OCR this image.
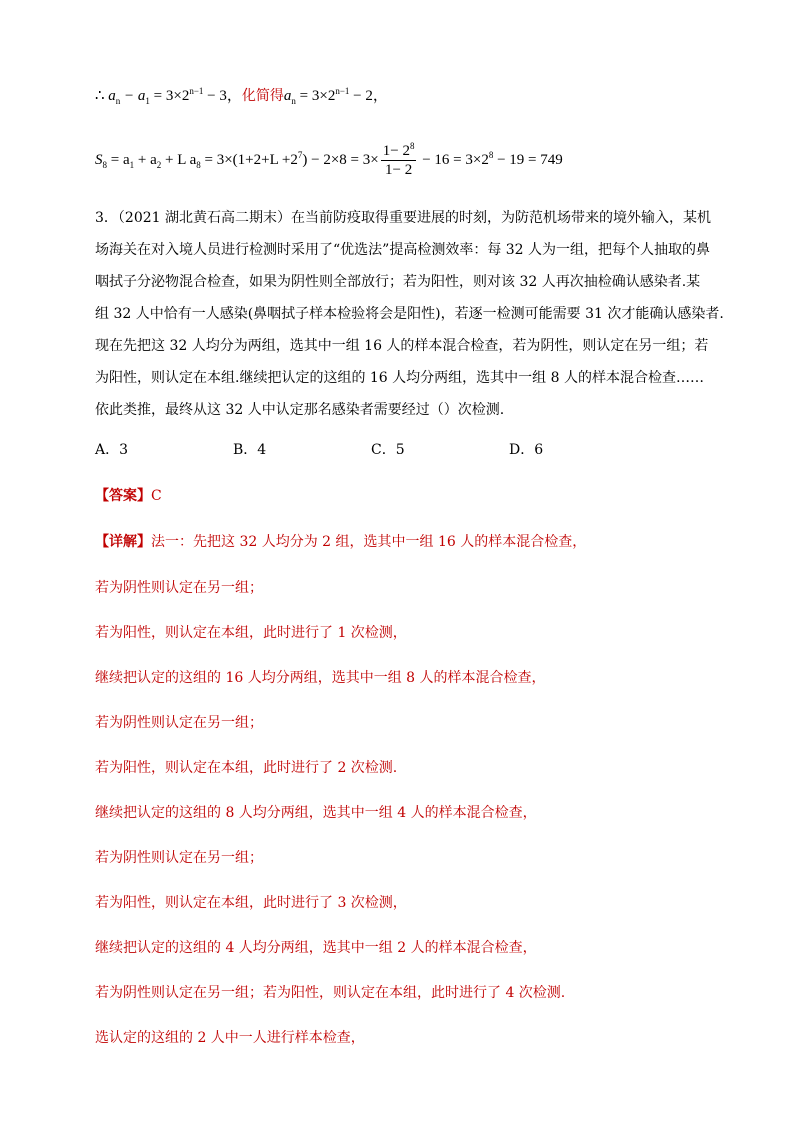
∴ $a_n - a_1 = 3\times 2^{n-1} - 3$，化简得$a_n = 3\times 2^{n-1} - 2$，
$S_8 = a_1 + a_2 + L$ $a_8 = 3\times(1+2+L +2^7) - 2\times 8 = 3\times \frac{1- 2^8}{1- 2} - 16 = 3\times 2^8 - 19 = 749$
3．（2021 湖北黄石高二期末）在当前防疫取得重要进展的时刻，为防范机场带来的境外输入，某机
场海关在对入境人员进行检测时采用了“优选法”提高检测效率：每 32 人为一组，把每个人抽取的鼻
咽拭子分泌物混合检查，如果为阴性则全部放行；若为阳性，则对该 32 人再次抽检确认感染者.某
组 32 人中恰有一人感染(鼻咽拭子样本检验将会是阳性)，若逐一检测可能需要 31 次才能确认感染者.
现在先把这 32 人均分为两组，选其中一组 16 人的样本混合检查，若为阴性，则认定在另一组；若
为阳性，则认定在本组.继续把认定的这组的 16 人均分两组，选其中一组 8 人的样本混合检查……
依此类推，最终从这 32 人中认定那名感染者需要经过（）次检测.
A．3	B．4	C．5	D．6
【答案】C
【详解】法一：先把这 32 人均分为 2 组，选其中一组 16 人的样本混合检查，
若为阴性则认定在另一组；
若为阳性，则认定在本组，此时进行了 1 次检测，
继续把认定的这组的 16 人均分两组，选其中一组 8 人的样本混合检查，
若为阴性则认定在另一组；
若为阳性，则认定在本组，此时进行了 2 次检测.
继续把认定的这组的 8 人均分两组，选其中一组 4 人的样本混合检查，
若为阴性则认定在另一组；
若为阳性，则认定在本组，此时进行了 3 次检测，
继续把认定的这组的 4 人均分两组，选其中一组 2 人的样本混合检查，
若为阴性则认定在另一组；若为阳性，则认定在本组，此时进行了 4 次检测.
选认定的这组的 2 人中一人进行样本检查，
